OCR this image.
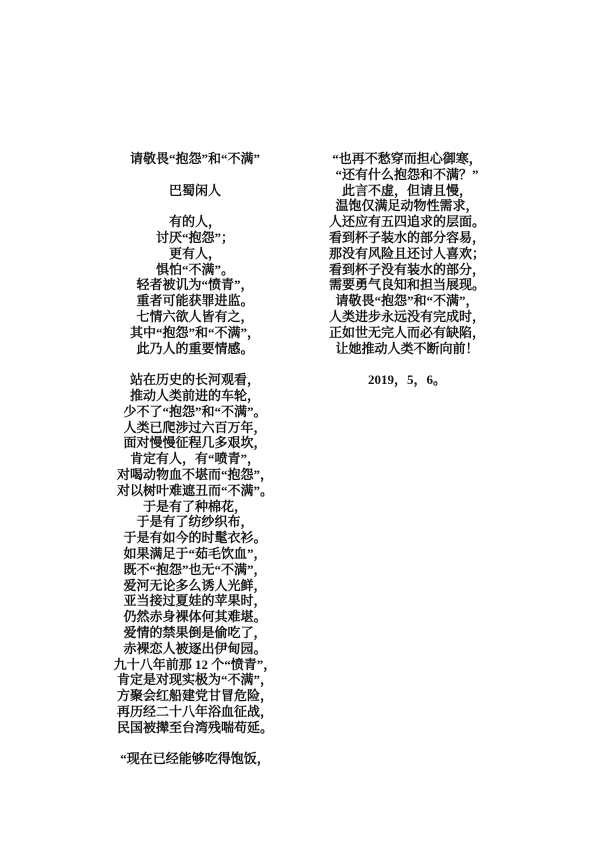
请敬畏“抱怨”和“不满”
巴蜀闲人
有的人，
讨厌“抱怨”；
更有人，
惧怕“不满”。
轻者被讥为“愤青”，
重者可能获罪进监。
七情六欲人皆有之，
其中“抱怨”和“不满”，
此乃人的重要情感。
站在历史的长河观看，
推动人类前进的车轮，
少不了“抱怨”和“不满”。
人类已爬涉过六百万年，
面对慢慢征程几多艰坎，
肯定有人，有“喷青”，
对喝动物血不堪而“抱怨”，
对以树叶难遮丑而“不满”。
于是有了种棉花，
于是有了纺纱织布，
于是有如今的时髦衣衫。
如果满足于“茹毛饮血”，
既不“抱怨”也无“不满”，
爱河无论多么诱人光鲜，
亚当接过夏娃的苹果时，
仍然赤身裸体何其难堪。
爱情的禁果倒是偷吃了，
赤裸恋人被逐出伊甸园。
九十八年前那 12 个“愤青”，
肯定是对现实极为“不满”，
方聚会红船建党甘冒危险，
再历经二十八年浴血征战，
民国被撵至台湾残喘苟延。
“现在已经能够吃得饱饭，
“也再不愁穿而担心御寒，
“还有什么抱怨和不满？”
此言不虚，但请且慢，
温饱仅满足动物性需求，
人还应有五四追求的层面。
看到杯子装水的部分容易，
那没有风险且还讨人喜欢；
看到杯子没有装水的部分，
需要勇气良知和担当展现。
请敬畏“抱怨”和“不满”，
人类进步永远没有完成时，
正如世无完人而必有缺陷，
让她推动人类不断向前！
2019，5，6。
